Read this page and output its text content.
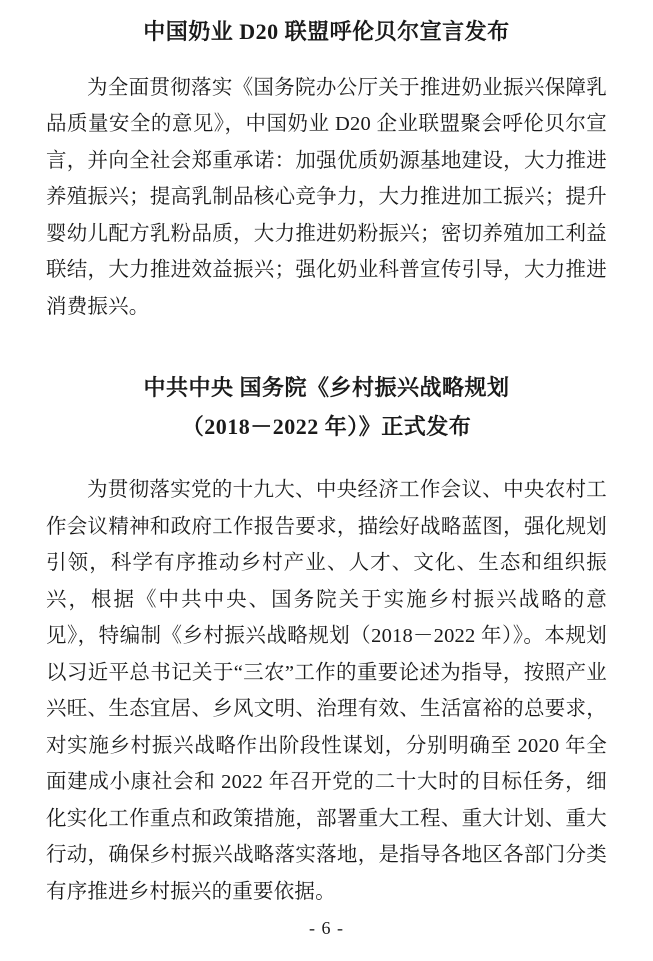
中国奶业 D20 联盟呼伦贝尔宣言发布

为全面贯彻落实《国务院办公厅关于推进奶业振兴保障乳品质量安全的意见》，中国奶业 D20 企业联盟聚会呼伦贝尔宣言，并向全社会郑重承诺：加强优质奶源基地建设，大力推进养殖振兴；提高乳制品核心竞争力，大力推进加工振兴；提升婴幼儿配方乳粉品质，大力推进奶粉振兴；密切养殖加工利益联结，大力推进效益振兴；强化奶业科普宣传引导，大力推进消费振兴。

中共中央 国务院《乡村振兴战略规划
（2018－2022 年）》正式发布

为贯彻落实党的十九大、中央经济工作会议、中央农村工作会议精神和政府工作报告要求，描绘好战略蓝图，强化规划引领，科学有序推动乡村产业、人才、文化、生态和组织振兴，根据《中共中央、国务院关于实施乡村振兴战略的意见》，特编制《乡村振兴战略规划（2018－2022 年）》。本规划以习近平总书记关于“三农”工作的重要论述为指导，按照产业兴旺、生态宜居、乡风文明、治理有效、生活富裕的总要求，对实施乡村振兴战略作出阶段性谋划，分别明确至 2020 年全面建成小康社会和 2022 年召开党的二十大时的目标任务，细化实化工作重点和政策措施，部署重大工程、重大计划、重大行动，确保乡村振兴战略落实落地，是指导各地区各部门分类有序推进乡村振兴的重要依据。

- 6 -
